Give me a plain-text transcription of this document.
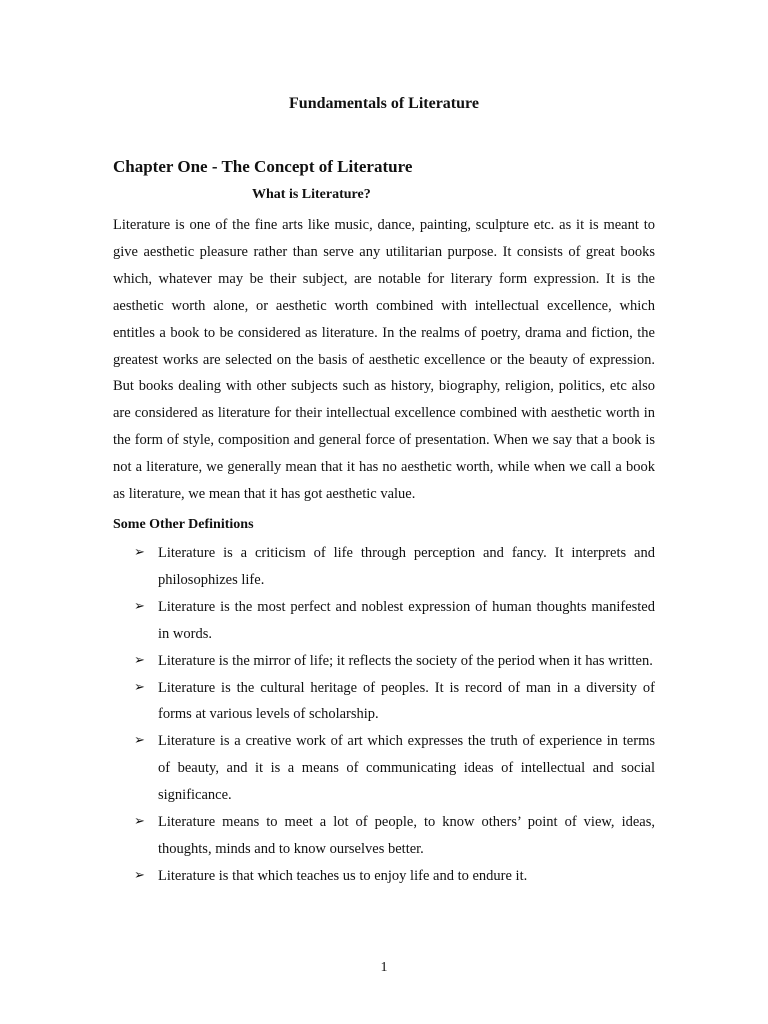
Fundamentals of Literature
Chapter One - The Concept of Literature
What is Literature?

Literature is one of the fine arts like music, dance, painting, sculpture etc. as it is meant to give aesthetic pleasure rather than serve any utilitarian purpose. It consists of great books which, whatever may be their subject, are notable for literary form expression. It is the aesthetic worth alone, or aesthetic worth combined with intellectual excellence, which entitles a book to be considered as literature. In the realms of poetry, drama and fiction, the greatest works are selected on the basis of aesthetic excellence or the beauty of expression. But books dealing with other subjects such as history, biography, religion, politics, etc also are considered as literature for their intellectual excellence combined with aesthetic worth in the form of style, composition and general force of presentation. When we say that a book is not a literature, we generally mean that it has no aesthetic worth, while when we call a book as literature, we mean that it has got aesthetic value.

Some Other Definitions
➢ Literature is a criticism of life through perception and fancy. It interprets and philosophizes life.
➢ Literature is the most perfect and noblest expression of human thoughts manifested in words.
➢ Literature is the mirror of life; it reflects the society of the period when it has written.
➢ Literature is the cultural heritage of peoples. It is record of man in a diversity of forms at various levels of scholarship.
➢ Literature is a creative work of art which expresses the truth of experience in terms of beauty, and it is a means of communicating ideas of intellectual and social significance.
➢ Literature means to meet a lot of people, to know others’ point of view, ideas, thoughts, minds and to know ourselves better.
➢ Literature is that which teaches us to enjoy life and to endure it.
1
